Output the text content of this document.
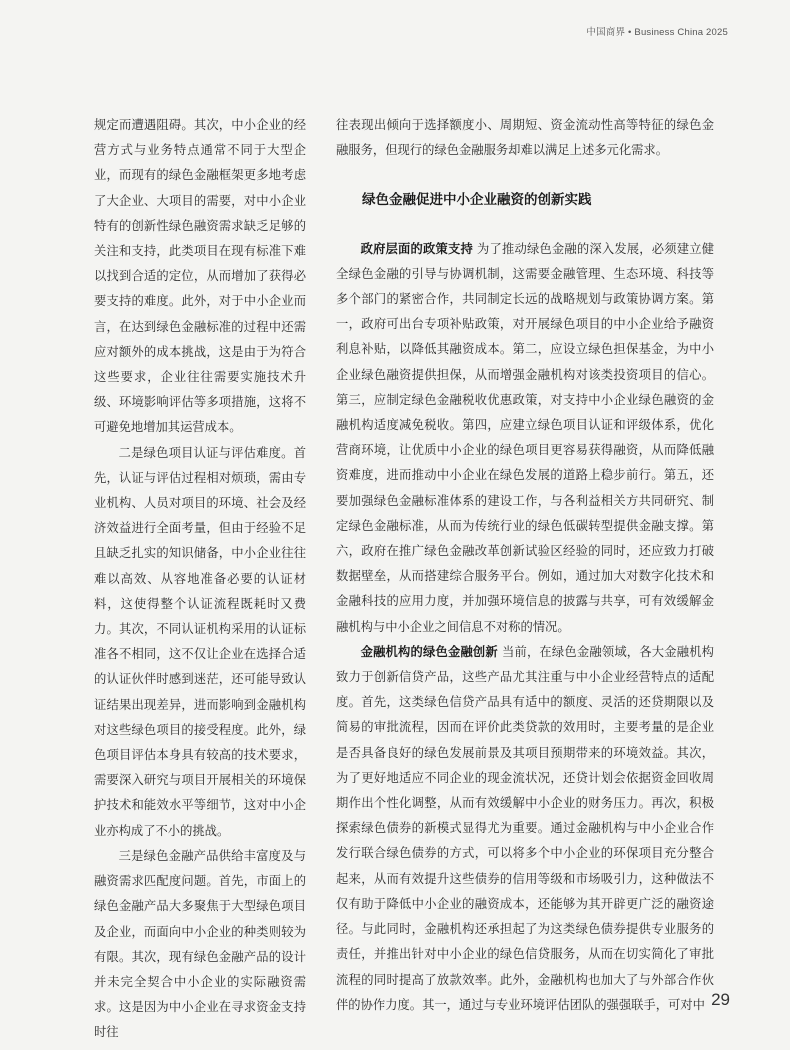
中国商界 • Business China 2025

规定而遭遇阻碍。其次，中小企业的经营方式与业务特点通常不同于大型企业，而现有的绿色金融框架更多地考虑了大企业、大项目的需要，对中小企业特有的创新性绿色融资需求缺乏足够的关注和支持，此类项目在现有标准下难以找到合适的定位，从而增加了获得必要支持的难度。此外，对于中小企业而言，在达到绿色金融标准的过程中还需应对额外的成本挑战，这是由于为符合这些要求，企业往往需要实施技术升级、环境影响评估等多项措施，这将不可避免地增加其运营成本。

二是绿色项目认证与评估难度。首先，认证与评估过程相对烦琐，需由专业机构、人员对项目的环境、社会及经济效益进行全面考量，但由于经验不足且缺乏扎实的知识储备，中小企业往往难以高效、从容地准备必要的认证材料，这使得整个认证流程既耗时又费力。其次，不同认证机构采用的认证标准各不相同，这不仅让企业在选择合适的认证伙伴时感到迷茫，还可能导致认证结果出现差异，进而影响到金融机构对这些绿色项目的接受程度。此外，绿色项目评估本身具有较高的技术要求，需要深入研究与项目开展相关的环境保护技术和能效水平等细节，这对中小企业亦构成了不小的挑战。

三是绿色金融产品供给丰富度及与融资需求匹配度问题。首先，市面上的绿色金融产品大多聚焦于大型绿色项目及企业，而面向中小企业的种类则较为有限。其次，现有绿色金融产品的设计并未完全契合中小企业的实际融资需求。这是因为中小企业在寻求资金支持时往

往表现出倾向于选择额度小、周期短、资金流动性高等特征的绿色金融服务，但现行的绿色金融服务却难以满足上述多元化需求。

绿色金融促进中小企业融资的创新实践

政府层面的政策支持 为了推动绿色金融的深入发展，必须建立健全绿色金融的引导与协调机制，这需要金融管理、生态环境、科技等多个部门的紧密合作，共同制定长远的战略规划与政策协调方案。第一，政府可出台专项补贴政策，对开展绿色项目的中小企业给予融资利息补贴，以降低其融资成本。第二，应设立绿色担保基金，为中小企业绿色融资提供担保，从而增强金融机构对该类投资项目的信心。第三，应制定绿色金融税收优惠政策，对支持中小企业绿色融资的金融机构适度减免税收。第四，应建立绿色项目认证和评级体系，优化营商环境，让优质中小企业的绿色项目更容易获得融资，从而降低融资难度，进而推动中小企业在绿色发展的道路上稳步前行。第五，还要加强绿色金融标准体系的建设工作，与各利益相关方共同研究、制定绿色金融标准，从而为传统行业的绿色低碳转型提供金融支撑。第六，政府在推广绿色金融改革创新试验区经验的同时，还应致力打破数据壁垒，从而搭建综合服务平台。例如，通过加大对数字化技术和金融科技的应用力度，并加强环境信息的披露与共享，可有效缓解金融机构与中小企业之间信息不对称的情况。

金融机构的绿色金融创新 当前，在绿色金融领域，各大金融机构致力于创新信贷产品，这些产品尤其注重与中小企业经营特点的适配度。首先，这类绿色信贷产品具有适中的额度、灵活的还贷期限以及简易的审批流程，因而在评价此类贷款的效用时，主要考量的是企业是否具备良好的绿色发展前景及其项目预期带来的环境效益。其次，为了更好地适应不同企业的现金流状况，还贷计划会依据资金回收周期作出个性化调整，从而有效缓解中小企业的财务压力。再次，积极探索绿色债券的新模式显得尤为重要。通过金融机构与中小企业合作发行联合绿色债券的方式，可以将多个中小企业的环保项目充分整合起来，从而有效提升这些债券的信用等级和市场吸引力，这种做法不仅有助于降低中小企业的融资成本，还能够为其开辟更广泛的融资途径。与此同时，金融机构还承担起了为这类绿色债券提供专业服务的责任，并推出针对中小企业的绿色信贷服务，从而在切实简化了审批流程的同时提高了放款效率。此外，金融机构也加大了与外部合作伙伴的协作力度。其一，通过与专业环境评估团队的强强联手，可对中 29
